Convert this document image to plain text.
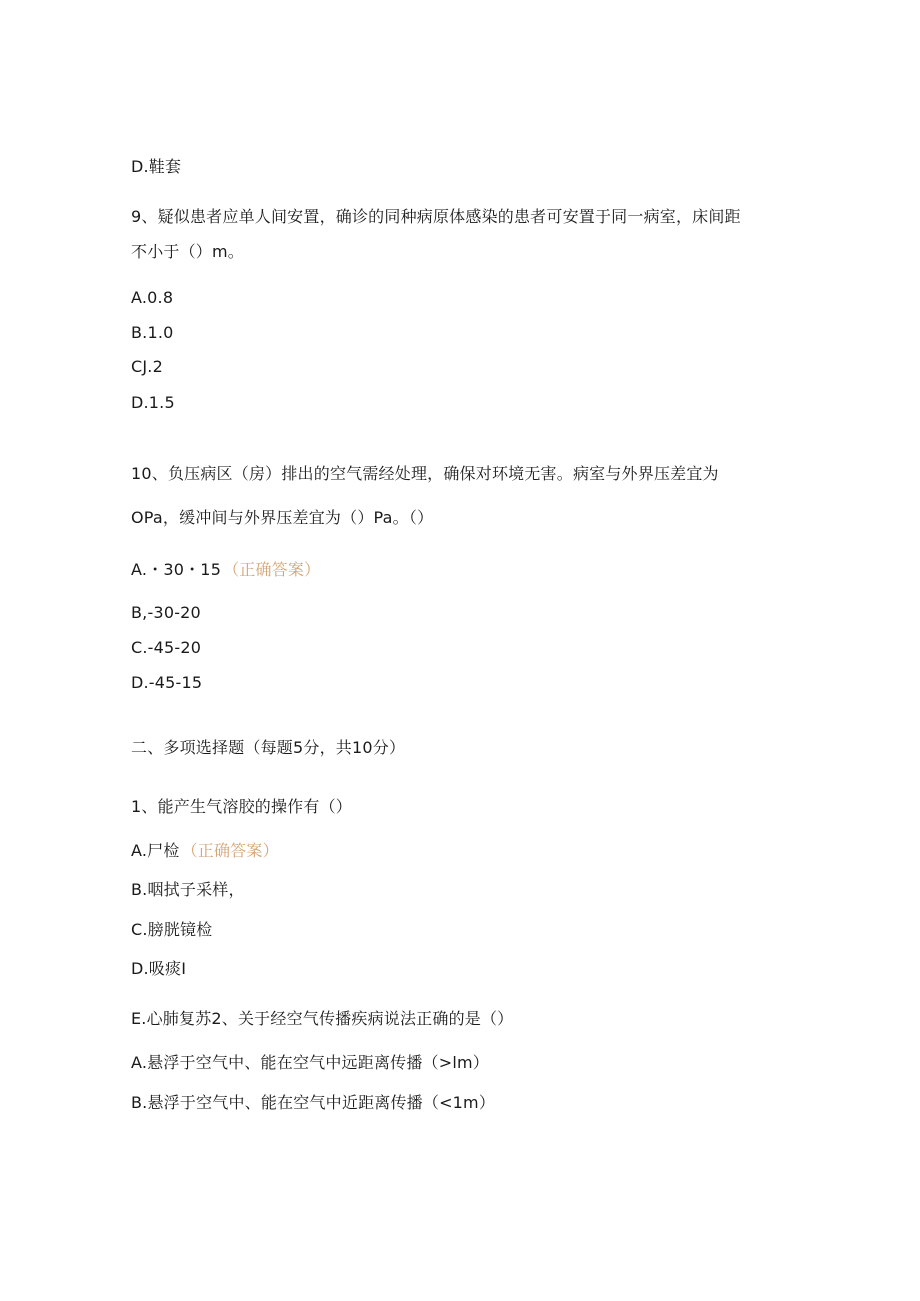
D.鞋套
9、疑似患者应单人间安置，确诊的同种病原体感染的患者可安置于同一病室，床间距
不小于（）m。
A.0.8
B.1.0
CJ.2
D.1.5
10、负压病区（房）排出的空气需经处理，确保对环境无害。病室与外界压差宜为
OPa，缓冲间与外界压差宜为（）Pa。（）
A.・30・15 （正确答案）
B,-30-20
C.-45-20
D.-45-15
二、多项选择题（每题5分，共10分）
1、能产生气溶胶的操作有（）
A.尸检 （正确答案）
B.咽拭子采样，
C.膀胱镜检
D.吸痰I
E.心肺复苏2、关于经空气传播疾病说法正确的是（）
A.悬浮于空气中、能在空气中远距离传播（>lm）
B.悬浮于空气中、能在空气中近距离传播（<1m）
